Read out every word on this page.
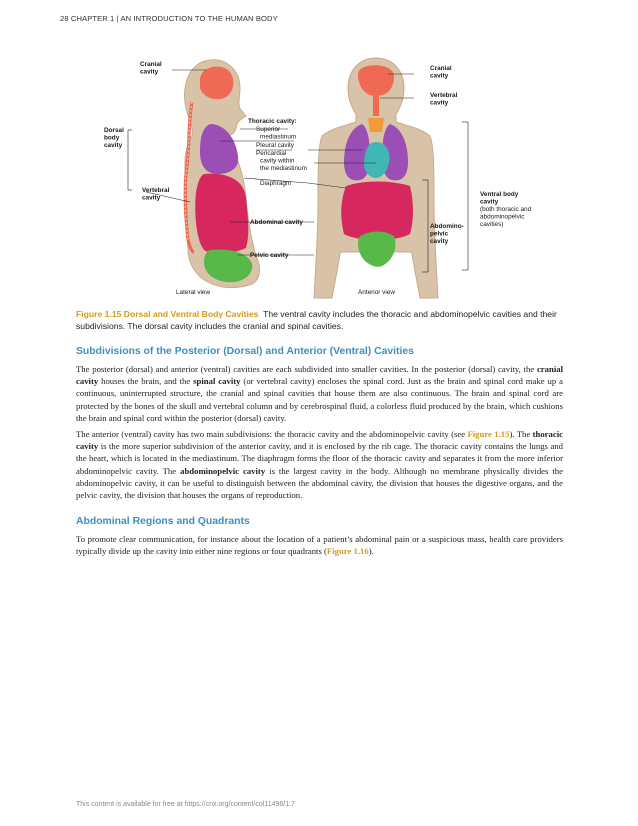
28 CHAPTER 1 | AN INTRODUCTION TO THE HUMAN BODY
Cranial cavity
Dorsal body cavity
Vertebral cavity
Thoracic cavity:
Superior mediastinum
Pleural cavity
Pericardial cavity within the mediastinum
Diaphragm
Abdominal cavity
Pelvic cavity
Lateral view
Cranial cavity
Vertebral cavity
Ventral body cavity
(both thoracic and abdominopelvic cavities)
Abdomino-pelvic cavity
Anterior view
Figure 1.15 Dorsal and Ventral Body Cavities The ventral cavity includes the thoracic and abdominopelvic cavities and their subdivisions. The dorsal cavity includes the cranial and spinal cavities.
Subdivisions of the Posterior (Dorsal) and Anterior (Ventral) Cavities

The posterior (dorsal) and anterior (ventral) cavities are each subdivided into smaller cavities. In the posterior (dorsal) cavity, the cranial cavity houses the brain, and the spinal cavity (or vertebral cavity) encloses the spinal cord. Just as the brain and spinal cord make up a continuous, uninterrupted structure, the cranial and spinal cavities that house them are also continuous. The brain and spinal cord are protected by the bones of the skull and vertebral column and by cerebrospinal fluid, a colorless fluid produced by the brain, which cushions the brain and spinal cord within the posterior (dorsal) cavity.

The anterior (ventral) cavity has two main subdivisions: the thoracic cavity and the abdominopelvic cavity (see Figure 1.15). The thoracic cavity is the more superior subdivision of the anterior cavity, and it is enclosed by the rib cage. The thoracic cavity contains the lungs and the heart, which is located in the mediastinum. The diaphragm forms the floor of the thoracic cavity and separates it from the more inferior abdominopelvic cavity. The abdominopelvic cavity is the largest cavity in the body. Although no membrane physically divides the abdominopelvic cavity, it can be useful to distinguish between the abdominal cavity, the division that houses the digestive organs, and the pelvic cavity, the division that houses the organs of reproduction.

Abdominal Regions and Quadrants

To promote clear communication, for instance about the location of a patient’s abdominal pain or a suspicious mass, health care providers typically divide up the cavity into either nine regions or four quadrants (Figure 1.16).

This content is available for free at https://cnx.org/content/col11496/1.7
